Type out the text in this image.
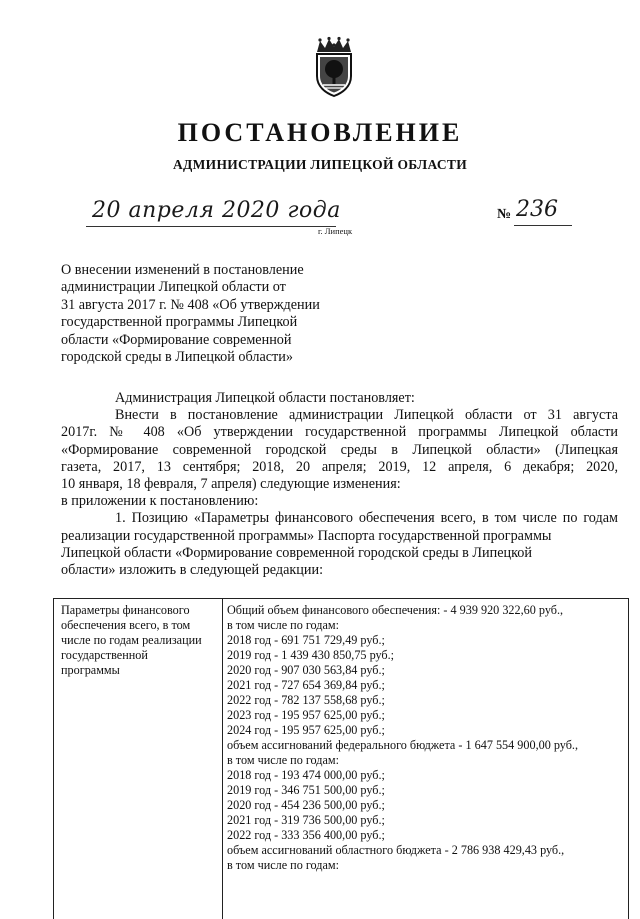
ПОСТАНОВЛЕНИЕ
АДМИНИСТРАЦИИ ЛИПЕЦКОЙ ОБЛАСТИ
20 апреля 2020 года
г. Липецк
№ 236
О внесении изменений в постановление
администрации Липецкой области от
31 августа 2017 г. № 408 «Об утверждении
государственной программы Липецкой
области «Формирование современной
городской среды в Липецкой области»

Администрация Липецкой области постановляет:

Внести в постановление администрации Липецкой области от 31 августа

2017г. № 408 «Об утверждении государственной программы Липецкой области

«Формирование современной городской среды в Липецкой области» (Липецкая

газета, 2017, 13 сентября; 2018, 20 апреля; 2019, 12 апреля, 6 декабря; 2020,

10 января, 18 февраля, 7 апреля) следующие изменения:

в приложении к постановлению:

1. Позицию «Параметры финансового обеспечения всего, в том числе по годам

реализации государственной программы» Паспорта государственной программы

Липецкой области «Формирование современной городской среды в Липецкой

области» изложить в следующей редакции:

Параметры финансового
обеспечения всего, в том
числе по годам реализации
государственной
программы
Общий объем финансового обеспечения: - 4 939 920 322,60 руб.,
в том числе по годам:
2018 год - 691 751 729,49 руб.;
2019 год - 1 439 430 850,75 руб.;
2020 год - 907 030 563,84 руб.;
2021 год - 727 654 369,84 руб.;
2022 год - 782 137 558,68 руб.;
2023 год - 195 957 625,00 руб.;
2024 год - 195 957 625,00 руб.;
объем ассигнований федерального бюджета - 1 647 554 900,00 руб.,
в том числе по годам:
2018 год - 193 474 000,00 руб.;
2019 год - 346 751 500,00 руб.;
2020 год - 454 236 500,00 руб.;
2021 год - 319 736 500,00 руб.;
2022 год - 333 356 400,00 руб.;
объем ассигнований областного бюджета - 2 786 938 429,43 руб.,
в том числе по годам:
